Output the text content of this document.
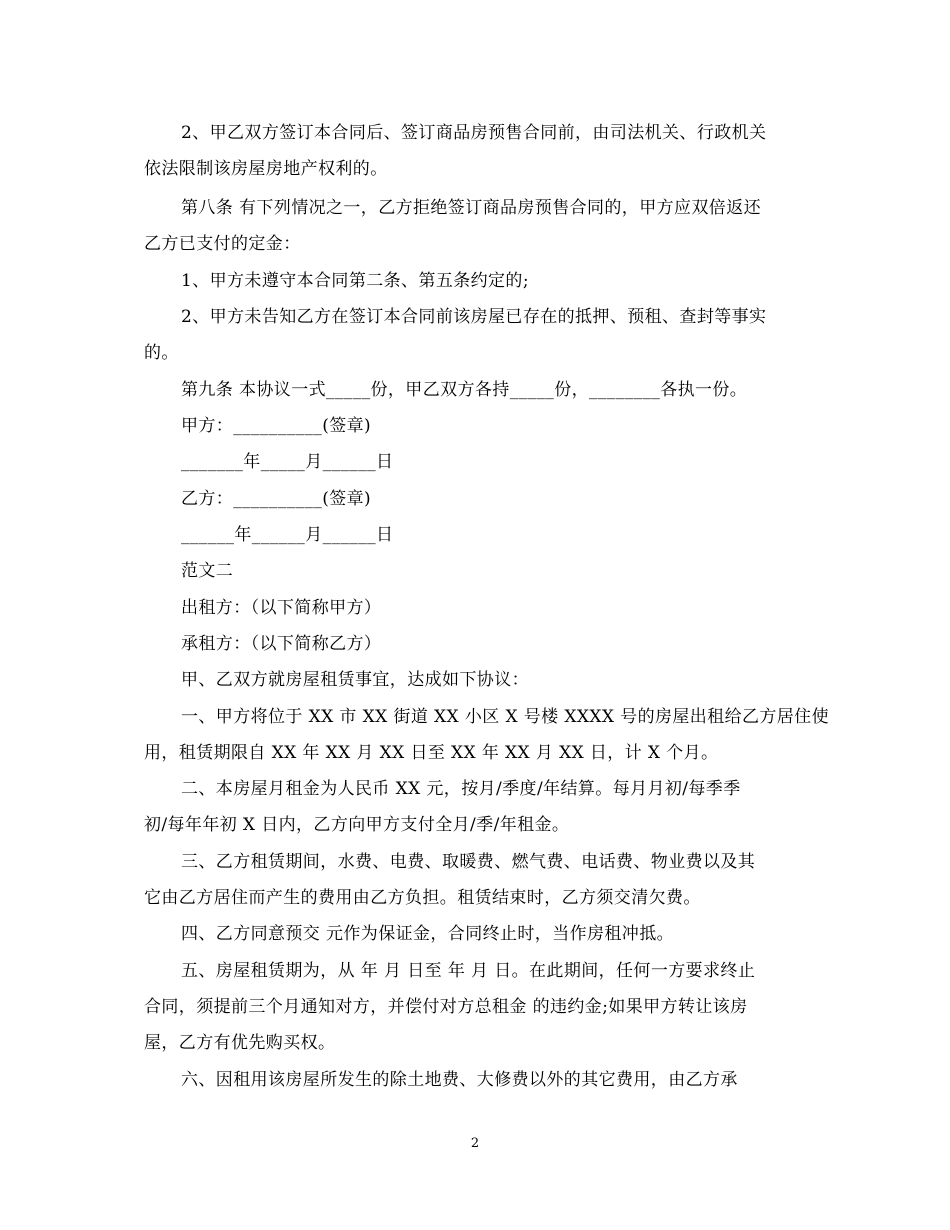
2、甲乙双方签订本合同后、签订商品房预售合同前，由司法机关、行政机关
依法限制该房屋房地产权利的。
第八条 有下列情况之一，乙方拒绝签订商品房预售合同的，甲方应双倍返还
乙方已支付的定金：
1、甲方未遵守本合同第二条、第五条约定的;
2、甲方未告知乙方在签订本合同前该房屋已存在的抵押、预租、查封等事实
的。
第九条 本协议一式_____份，甲乙双方各持_____份，________各执一份。
甲方：__________(签章)
_______年_____月______日
乙方：__________(签章)
______年______月______日
范文二
出租方：（以下简称甲方）
承租方：（以下简称乙方）
甲、乙双方就房屋租赁事宜，达成如下协议：
一、甲方将位于 XX 市 XX 街道 XX 小区 X 号楼 XXXX 号的房屋出租给乙方居住使
用，租赁期限自 XX 年 XX 月 XX 日至 XX 年 XX 月 XX 日，计 X 个月。
二、本房屋月租金为人民币 XX 元，按月/季度/年结算。每月月初/每季季
初/每年年初 X 日内，乙方向甲方支付全月/季/年租金。
三、乙方租赁期间，水费、电费、取暖费、燃气费、电话费、物业费以及其
它由乙方居住而产生的费用由乙方负担。租赁结束时，乙方须交清欠费。
四、乙方同意预交 元作为保证金，合同终止时，当作房租冲抵。
五、房屋租赁期为，从 年 月 日至 年 月 日。在此期间，任何一方要求终止
合同，须提前三个月通知对方，并偿付对方总租金 的违约金;如果甲方转让该房
屋，乙方有优先购买权。
六、因租用该房屋所发生的除土地费、大修费以外的其它费用，由乙方承
2
